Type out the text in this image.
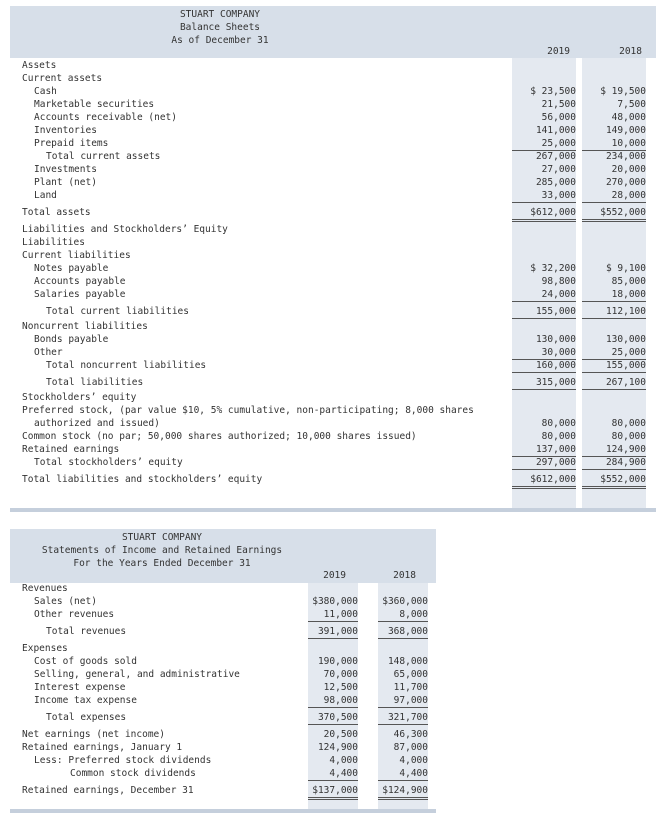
STUART COMPANY
Balance Sheets
As of December 31
2019	2018
Assets
Current assets
Cash	$ 23,500	$ 19,500
Marketable securities	21,500	7,500
Accounts receivable (net)	56,000	48,000
Inventories	141,000	149,000
Prepaid items	25,000	10,000
Total current assets	267,000	234,000
Investments	27,000	20,000
Plant (net)	285,000	270,000
Land	33,000	28,000
Total assets	$612,000	$552,000
Liabilities and Stockholders’ Equity
Liabilities
Current liabilities
Notes payable	$ 32,200	$ 9,100
Accounts payable	98,800	85,000
Salaries payable	24,000	18,000
Total current liabilities	155,000	112,100
Noncurrent liabilities
Bonds payable	130,000	130,000
Other	30,000	25,000
Total noncurrent liabilities	160,000	155,000
Total liabilities	315,000	267,100
Stockholders’ equity
Preferred stock, (par value $10, 5% cumulative, non-participating; 8,000 shares
authorized and issued)	80,000	80,000
Common stock (no par; 50,000 shares authorized; 10,000 shares issued)	80,000	80,000
Retained earnings	137,000	124,900
Total stockholders’ equity	297,000	284,900
Total liabilities and stockholders’ equity	$612,000	$552,000
STUART COMPANY
Statements of Income and Retained Earnings
For the Years Ended December 31
2019	2018
Revenues
Sales (net)	$380,000	$360,000
Other revenues	11,000	8,000
Total revenues	391,000	368,000
Expenses
Cost of goods sold	190,000	148,000
Selling, general, and administrative	70,000	65,000
Interest expense	12,500	11,700
Income tax expense	98,000	97,000
Total expenses	370,500	321,700
Net earnings (net income)	20,500	46,300
Retained earnings, January 1	124,900	87,000
Less: Preferred stock dividends	4,000	4,000
Common stock dividends	4,400	4,400
Retained earnings, December 31	$137,000	$124,900
